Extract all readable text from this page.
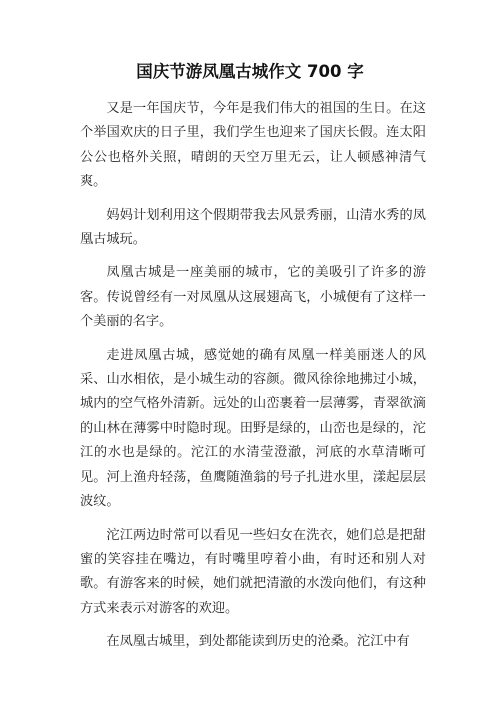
国庆节游凤凰古城作文 700 字

又是一年国庆节，今年是我们伟大的祖国的生日。在这个举国欢庆的日子里，我们学生也迎来了国庆长假。连太阳公公也格外关照，晴朗的天空万里无云，让人顿感神清气爽。

妈妈计划利用这个假期带我去风景秀丽，山清水秀的凤凰古城玩。

凤凰古城是一座美丽的城市，它的美吸引了许多的游客。传说曾经有一对凤凰从这展翅高飞，小城便有了这样一个美丽的名字。

走进凤凰古城，感觉她的确有凤凰一样美丽迷人的风采、山水相依，是小城生动的容颜。微风徐徐地拂过小城，城内的空气格外清新。远处的山峦裹着一层薄雾，青翠欲滴的山林在薄雾中时隐时现。田野是绿的，山峦也是绿的，沱江的水也是绿的。沱江的水清莹澄澈，河底的水草清晰可见。河上渔舟轻荡，鱼鹰随渔翁的号子扎进水里，漾起层层波纹。

沱江两边时常可以看见一些妇女在洗衣，她们总是把甜蜜的笑容挂在嘴边，有时嘴里哼着小曲，有时还和别人对歌。有游客来的时候，她们就把清澈的水泼向他们，有这种方式来表示对游客的欢迎。

在凤凰古城里，到处都能读到历史的沧桑。沱江中有
